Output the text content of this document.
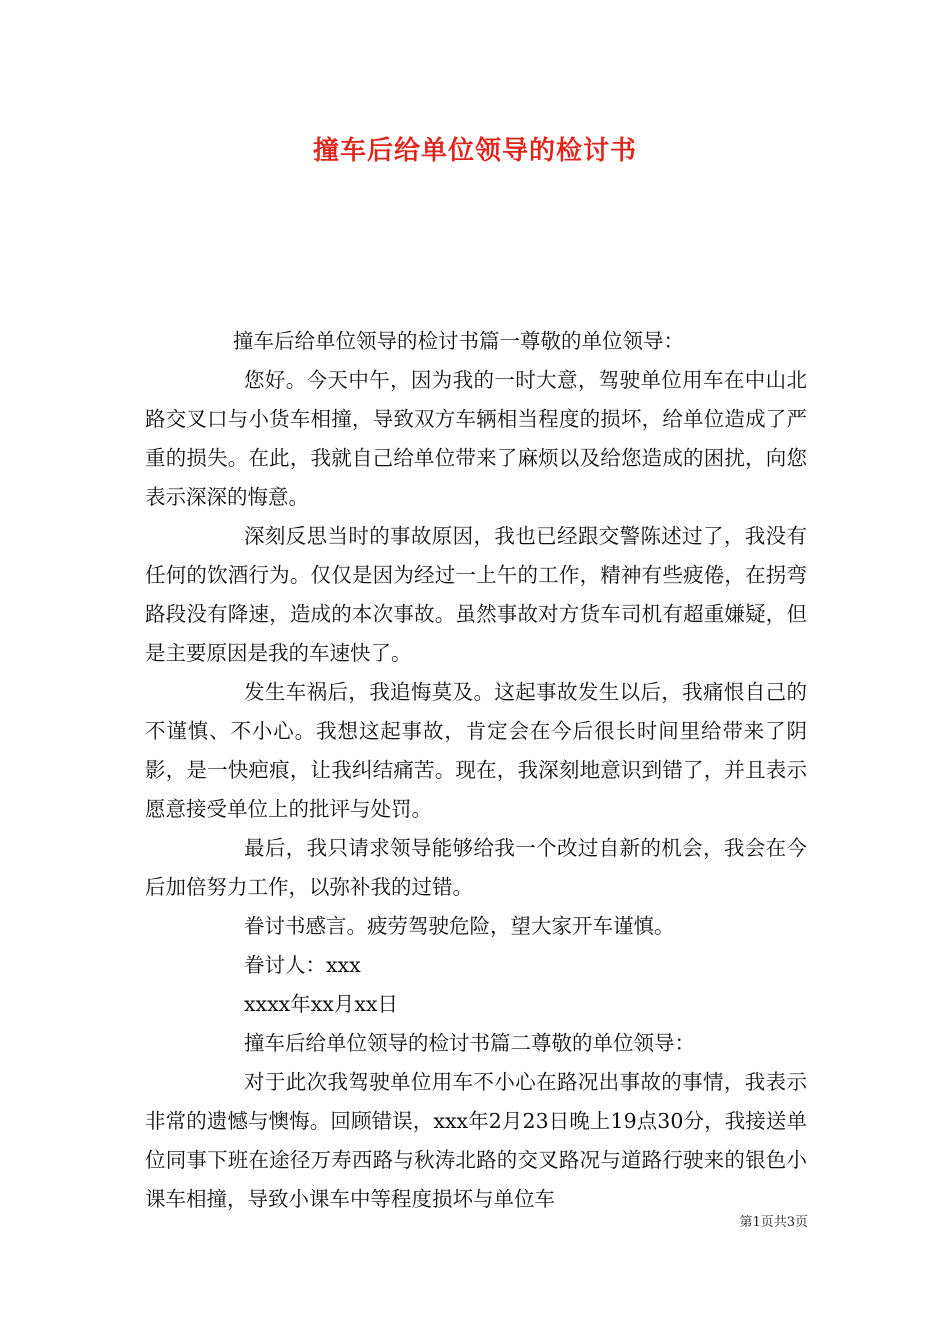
撞车后给单位领导的检讨书

撞车后给单位领导的检讨书篇一尊敬的单位领导：

您好。今天中午，因为我的一时大意，驾驶单位用车在中山北路交叉口与小货车相撞，导致双方车辆相当程度的损坏，给单位造成了严重的损失。在此，我就自己给单位带来了麻烦以及给您造成的困扰，向您表示深深的悔意。

深刻反思当时的事故原因，我也已经跟交警陈述过了，我没有任何的饮酒行为。仅仅是因为经过一上午的工作，精神有些疲倦，在拐弯路段没有降速，造成的本次事故。虽然事故对方货车司机有超重嫌疑，但是主要原因是我的车速快了。

发生车祸后，我追悔莫及。这起事故发生以后，我痛恨自己的不谨慎、不小心。我想这起事故，肯定会在今后很长时间里给带来了阴影，是一快疤痕，让我纠结痛苦。现在，我深刻地意识到错了，并且表示愿意接受单位上的批评与处罚。

最后，我只请求领导能够给我一个改过自新的机会，我会在今后加倍努力工作，以弥补我的过错。

眷讨书感言。疲劳驾驶危险，望大家开车谨慎。

眷讨人：xxx

xxxx年xx月xx日

撞车后给单位领导的检讨书篇二尊敬的单位领导：

对于此次我驾驶单位用车不小心在路况出事故的事情，我表示非常的遗憾与懊悔。回顾错误，xxx年2月23日晚上19点30分，我接送单位同事下班在途径万寿西路与秋涛北路的交叉路况与道路行驶来的银色小课车相撞，导致小课车中等程度损坏与单位车

第1页共3页
